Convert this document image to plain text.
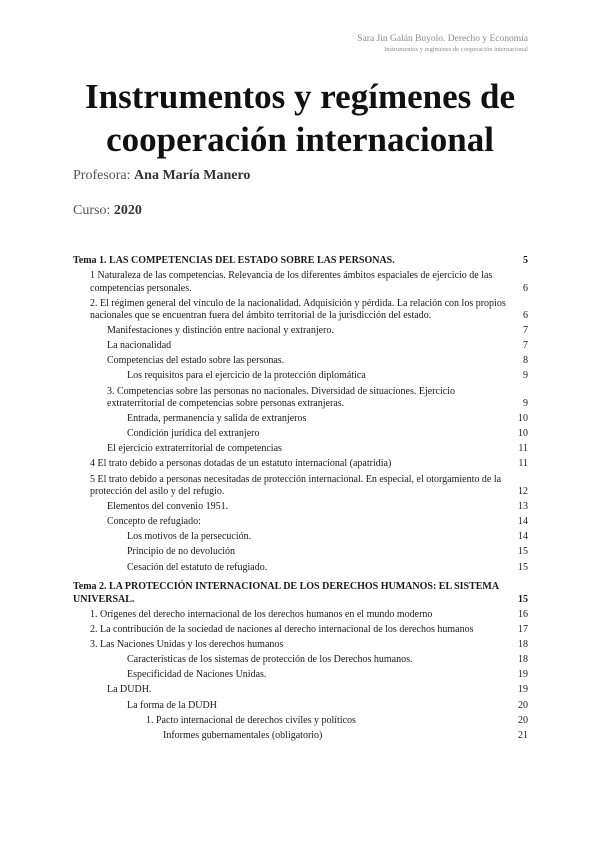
Sara Jin Galán Buyolo. Derecho y Economía
Instrumentos y regímenes de cooperación internacional
Instrumentos y regímenes de
cooperación internacional
Profesora: Ana María Manero
Curso: 2020
Tema 1. LAS COMPETENCIAS DEL ESTADO SOBRE LAS PERSONAS.	5
1 Naturaleza de las competencias. Relevancia de los diferentes ámbitos espaciales de ejercicio de las competencias personales.	6
2. El régimen general del vínculo de la nacionalidad. Adquisición y pérdida. La relación con los propios nacionales que se encuentran fuera del ámbito territorial de la jurisdicción del estado.	6
Manifestaciones y distinción entre nacional y extranjero.	7
La nacionalidad	7
Competencias del estado sobre las personas.	8
Los requisitos para el ejercicio de la protección diplomática	9
3. Competencias sobre las personas no nacionales. Diversidad de situaciones. Ejercicio extraterritorial de competencias sobre personas extranjeras.	9
Entrada, permanencia y salida de extranjeros	10
Condición jurídica del extranjero	10
El ejercicio extraterritorial de competencias	11
4 El trato debido a personas dotadas de un estatuto internacional (apatridia)	11
5 El trato debido a personas necesitadas de protección internacional. En especial, el otorgamiento de la protección del asilo y del refugio.	12
Elementos del convenio 1951.	13
Concepto de refugiado:	14
Los motivos de la persecución.	14
Principio de no devolución	15
Cesación del estatuto de refugiado.	15
Tema 2. LA PROTECCIÓN INTERNACIONAL DE LOS DERECHOS HUMANOS: EL SISTEMA UNIVERSAL.	15
1. Orígenes del derecho internacional de los derechos humanos en el mundo moderno	16
2. La contribución de la sociedad de naciones al derecho internacional de los derechos humanos	17
3. Las Naciones Unidas y los derechos humanos	18
Características de los sistemas de protección de los Derechos humanos.	18
Especificidad de Naciones Unidas.	19
La DUDH.	19
La forma de la DUDH	20
1. Pacto internacional de derechos civiles y políticos	20
Informes gubernamentales (obligatorio)	21
